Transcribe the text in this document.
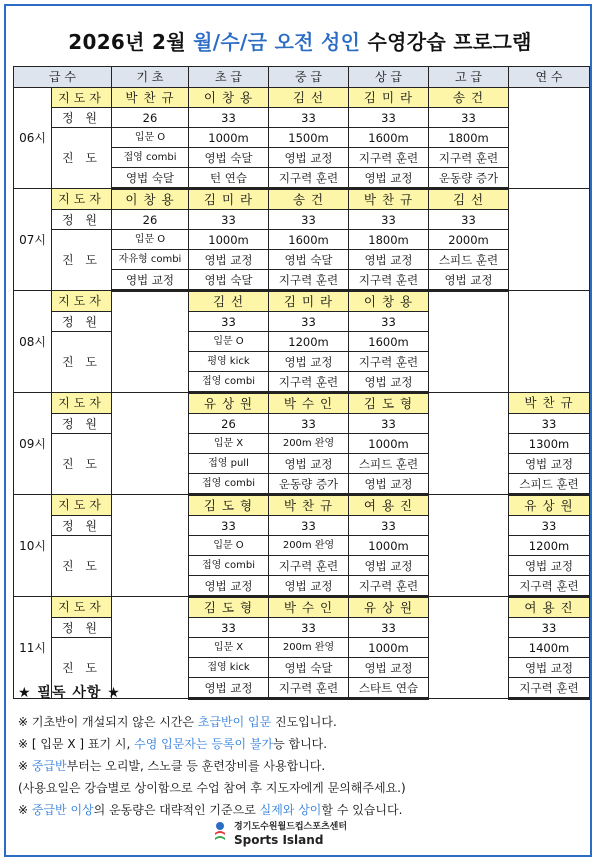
2026년 2월 월/수/금 오전 성인 수영강습 프로그램
급 수		기 초	초 급	중 급	상 급	고 급	연 수
06시	지도자	박 찬 규	이 창 용	김 선	김 미 라	송 건	
	정 원	26	33	33	33	33	
	진 도	입문 O	1000m	1500m	1600m	1800m	
		접영 combi	영법 숙달	영법 교정	지구력 훈련	지구력 훈련	
		영법 숙달	턴 연습	지구력 훈련	영법 교정	운동량 증가	
07시	지도자	이 창 용	김 미 라	송 건	박 찬 규	김 선	
	정 원	26	33	33	33	33	
	진 도	입문 O	1000m	1600m	1800m	2000m	
		자유형 combi	영법 교정	영법 숙달	영법 교정	스피드 훈련	
		영법 교정	영법 숙달	지구력 훈련	지구력 훈련	영법 교정	
08시	지도자		김 선	김 미 라	이 창 용		
	정 원		33	33	33		
	진 도		입문 O	1200m	1600m		
			평영 kick	영법 교정	지구력 훈련		
			접영 combi	지구력 훈련	영법 교정		
09시	지도자		유 상 원	박 수 인	김 도 형		박 찬 규
	정 원		26	33	33		33
	진 도		입문 X	200m 완영	1000m		1300m
			접영 pull	영법 교정	스피드 훈련		영법 교정
			접영 combi	운동량 증가	영법 교정		스피드 훈련
10시	지도자		김 도 형	박 찬 규	여 용 진		유 상 원
	정 원		33	33	33		33
	진 도		입문 O	200m 완영	1000m		1200m
			접영 combi	지구력 훈련	영법 교정		영법 교정
			영법 교정	영법 교정	지구력 훈련		지구력 훈련
11시	지도자		김 도 형	박 수 인	유 상 원		여 용 진
	정 원		33	33	33		33
	진 도		입문 X	200m 완영	1000m		1400m
			접영 kick	영법 숙달	영법 교정		영법 교정
			영법 교정	지구력 훈련	스타트 연습		지구력 훈련
★ 필독 사항 ★
※ 기초반이 개설되지 않은 시간은 초급반이 입문 진도입니다.
※ [ 입문 X ] 표기 시, 수영 입문자는 등록이 불가능 합니다.
※ 중급반부터는 오리발, 스노클 등 훈련장비를 사용합니다.
(사용요일은 강습별로 상이함으로 수업 참여 후 지도자에게 문의해주세요.)
※ 중급반 이상의 운동량은 대략적인 기준으로 실제와 상이할 수 있습니다.
경기도수원월드컵스포츠센터
Sports Island
